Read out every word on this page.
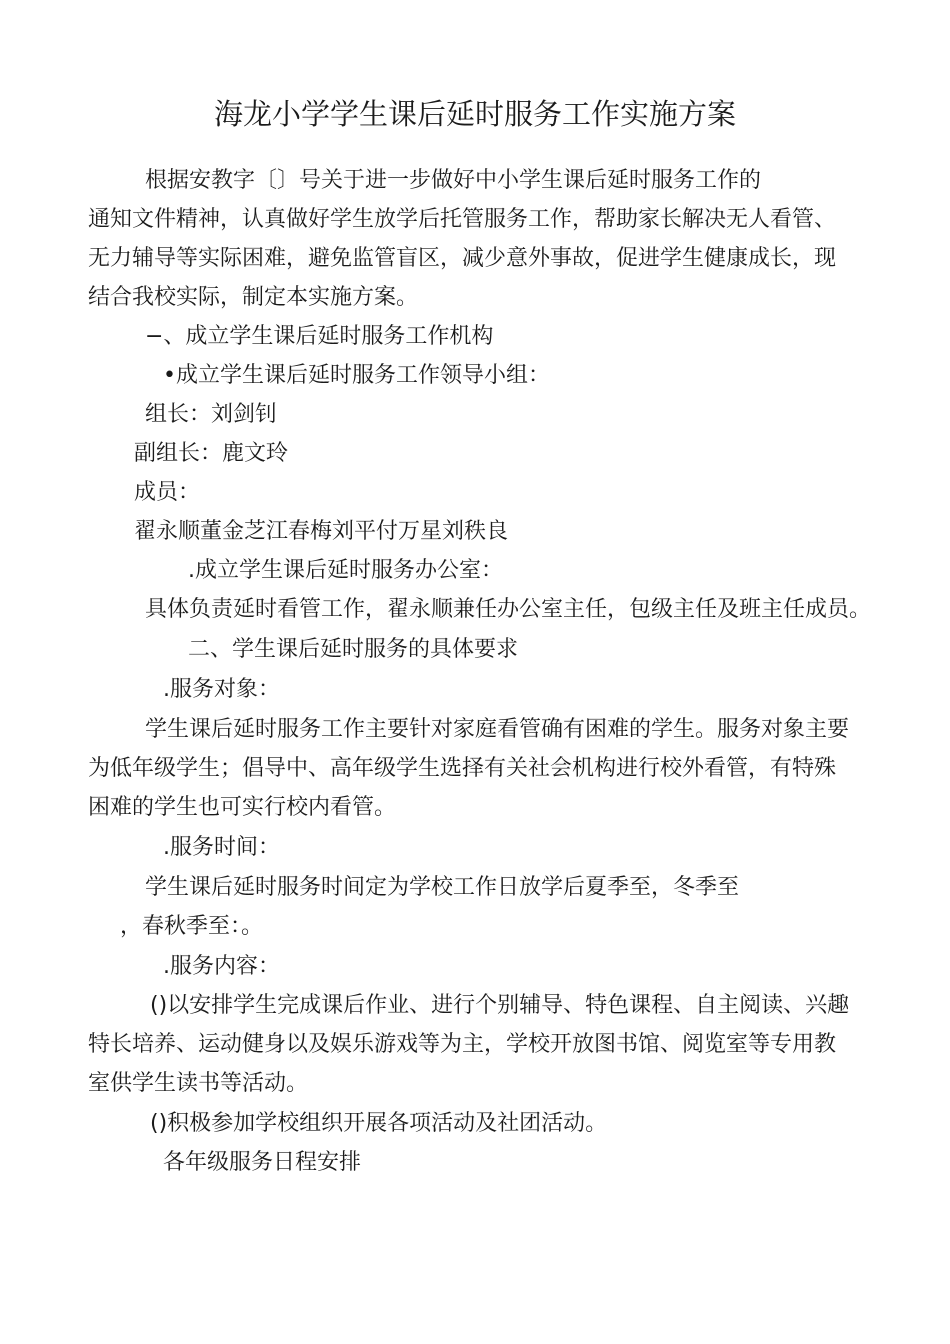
海龙小学学生课后延时服务工作实施方案
根据安教字〔〕号关于进一步做好中小学生课后延时服务工作的
通知文件精神，认真做好学生放学后托管服务工作，帮助家长解决无人看管、
无力辅导等实际困难，避免监管盲区，减少意外事故，促进学生健康成长，现
结合我校实际，制定本实施方案。
−、成立学生课后延时服务工作机构
•成立学生课后延时服务工作领导小组：
组长：刘剑钊
副组长：鹿文玲
成员：
翟永顺董金芝江春梅刘平付万星刘秩良
.成立学生课后延时服务办公室：
具体负责延时看管工作，翟永顺兼任办公室主任，包级主任及班主任成员。
二、学生课后延时服务的具体要求
.服务对象：
学生课后延时服务工作主要针对家庭看管确有困难的学生。服务对象主要
为低年级学生；倡导中、高年级学生选择有关社会机构进行校外看管，有特殊
困难的学生也可实行校内看管。
.服务时间：
学生课后延时服务时间定为学校工作日放学后夏季至，冬季至
，春秋季至：。
.服务内容：
()以安排学生完成课后作业、进行个别辅导、特色课程、自主阅读、兴趣
特长培养、运动健身以及娱乐游戏等为主，学校开放图书馆、阅览室等专用教
室供学生读书等活动。
()积极参加学校组织开展各项活动及社团活动。
各年级服务日程安排
